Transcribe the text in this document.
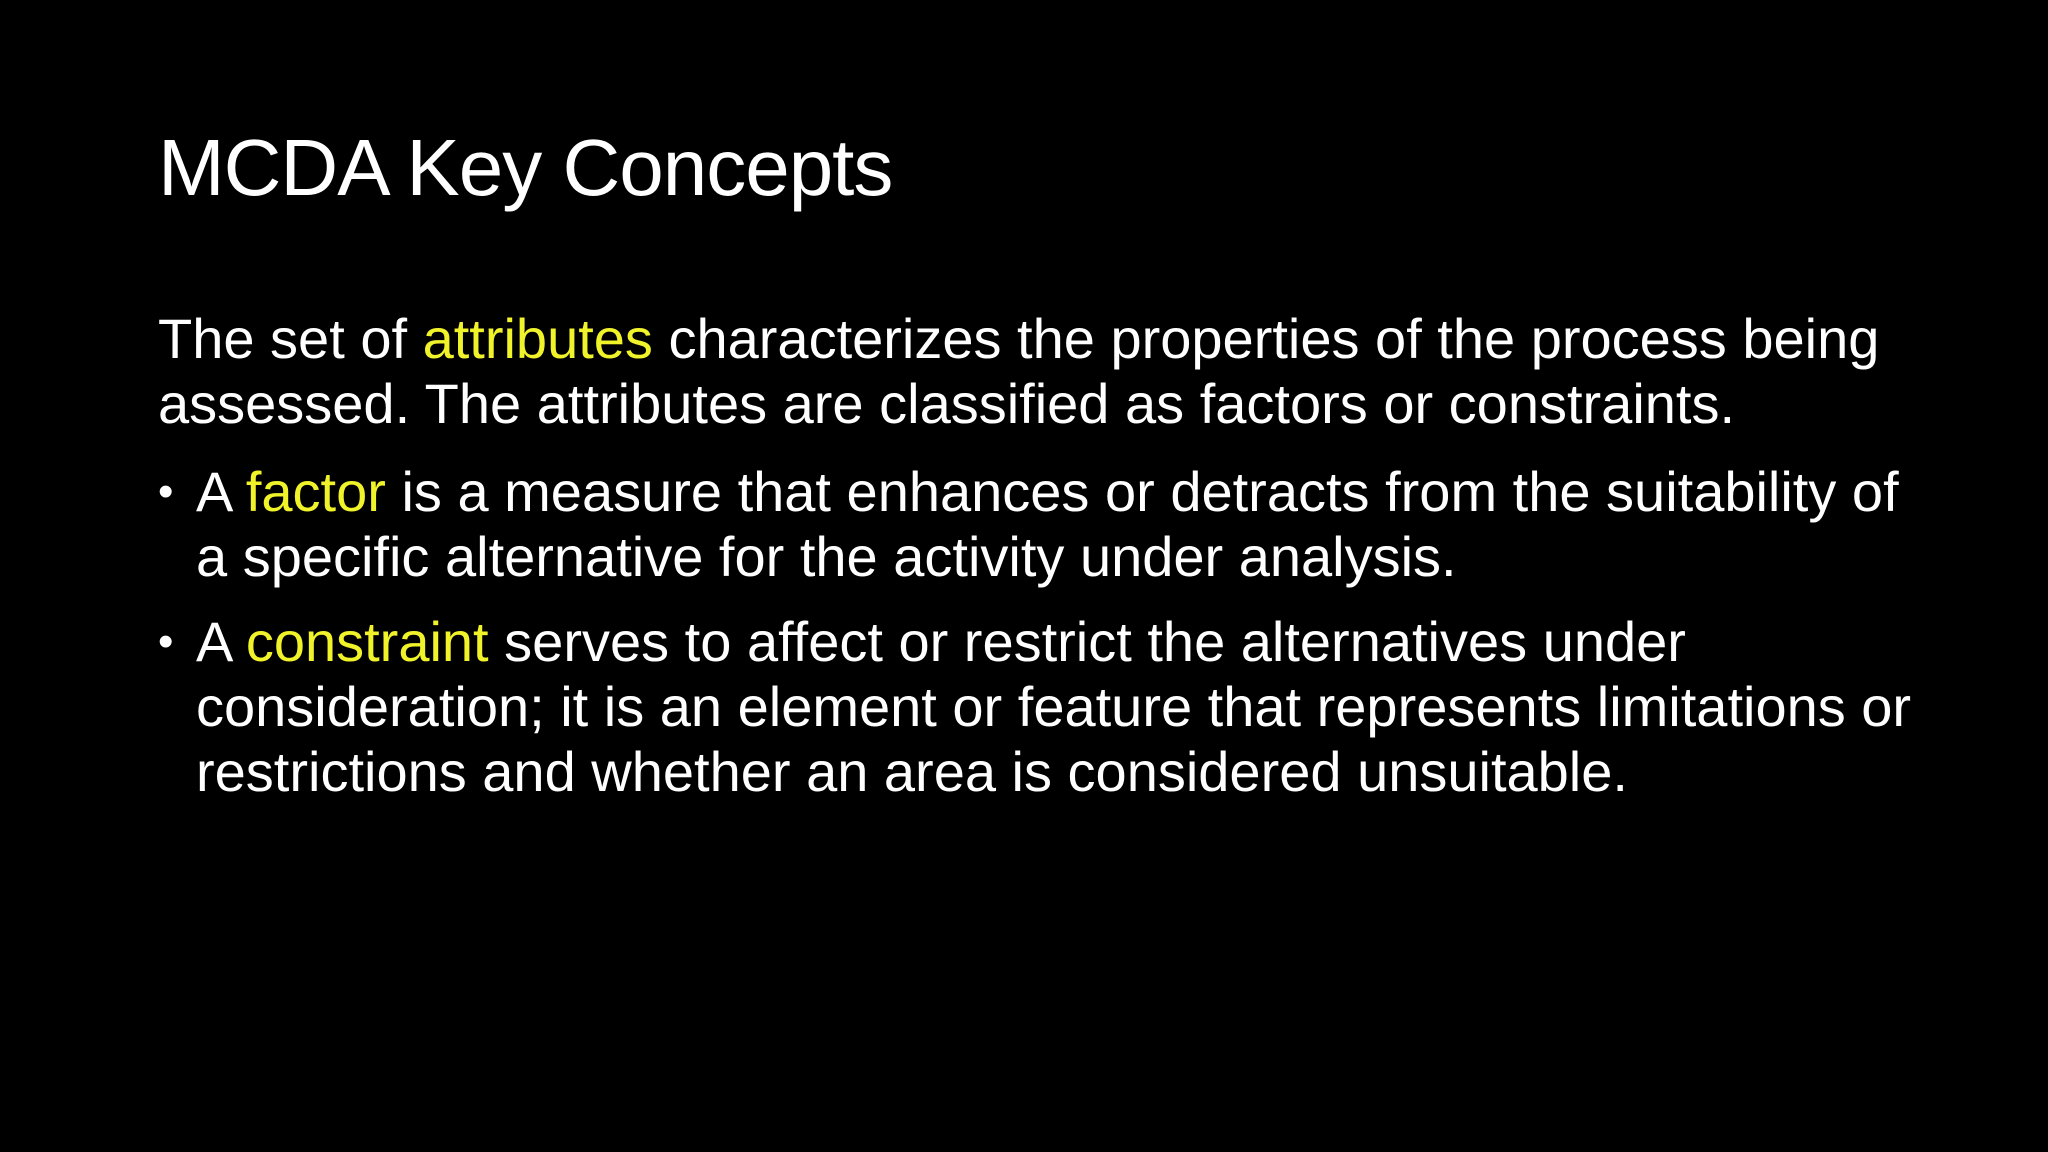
MCDA Key Concepts

The set of attributes characterizes the properties of the process being assessed. The attributes are classified as factors or constraints.

• A factor is a measure that enhances or detracts from the suitability of a specific alternative for the activity under analysis.
• A constraint serves to affect or restrict the alternatives under consideration; it is an element or feature that represents limitations or restrictions and whether an area is considered unsuitable.
